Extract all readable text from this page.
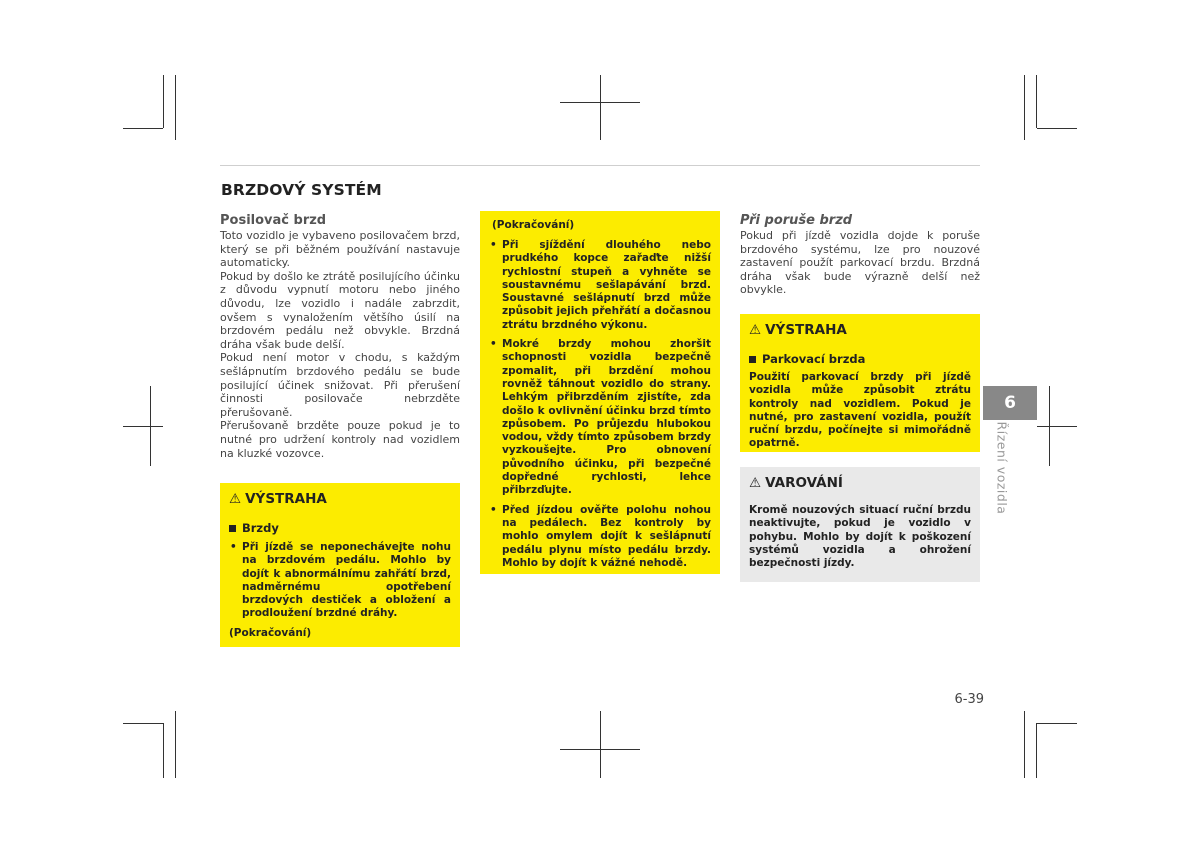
BRZDOVÝ SYSTÉM
Posilovač brzd

Toto vozidlo je vybaveno posilovačem brzd, který se při běžném používání nastavuje automaticky.

Pokud by došlo ke ztrátě posilujícího účinku z důvodu vypnutí motoru nebo jiného důvodu, lze vozidlo i nadále zabrzdit, ovšem s vynaložením většího úsilí na brzdovém pedálu než obvykle. Brzdná dráha však bude delší.

Pokud není motor v chodu, s každým sešlápnutím brzdového pedálu se bude posilující účinek snižovat. Při přerušení činnosti posilovače nebrzděte přerušovaně.

Přerušovaně brzděte pouze pokud je to nutné pro udržení kontroly nad vozidlem na kluzké vozovce.

⚠ VÝSTRAHA
Brzdy
• Při jízdě se neponechávejte nohu na brzdovém pedálu. Mohlo by dojít k abnormálnímu zahřátí brzd, nadměrnému opotřebení brzdových destiček a obložení a prodloužení brzdné dráhy.
(Pokračování)
(Pokračování)
• Při sjíždění dlouhého nebo prudkého kopce zařaďte nižší rychlostní stupeň a vyhněte se soustavnému sešlapávání brzd. Soustavné sešlápnutí brzd může způsobit jejich přehřátí a dočasnou ztrátu brzdného výkonu.
• Mokré brzdy mohou zhoršit schopnosti vozidla bezpečně zpomalit, při brzdění mohou rovněž táhnout vozidlo do strany. Lehkým přibrzděním zjistíte, zda došlo k ovlivnění účinku brzd tímto způsobem. Po průjezdu hlubokou vodou, vždy tímto způsobem brzdy vyzkoušejte. Pro obnovení původního účinku, při bezpečné dopředné rychlosti, lehce přibrzďujte.
• Před jízdou ověřte polohu nohou na pedálech. Bez kontroly by mohlo omylem dojít k sešlápnutí pedálu plynu místo pedálu brzdy. Mohlo by dojít k vážné nehodě.
Při poruše brzd

Pokud při jízdě vozidla dojde k poruše brzdového systému, lze pro nouzové zastavení použít parkovací brzdu. Brzdná dráha však bude výrazně delší než obvykle.

⚠ VÝSTRAHA
Parkovací brzda
Použití parkovací brzdy při jízdě vozidla může způsobit ztrátu kontroly nad vozidlem. Pokud je nutné, pro zastavení vozidla, použít ruční brzdu, počínejte si mimořádně opatrně.
⚠ VAROVÁNÍ
Kromě nouzových situací ruční brzdu neaktivujte, pokud je vozidlo v pohybu. Mohlo by dojít k poškození systémů vozidla a ohrožení bezpečnosti jízdy.
6
Řízení vozidla
6-39
